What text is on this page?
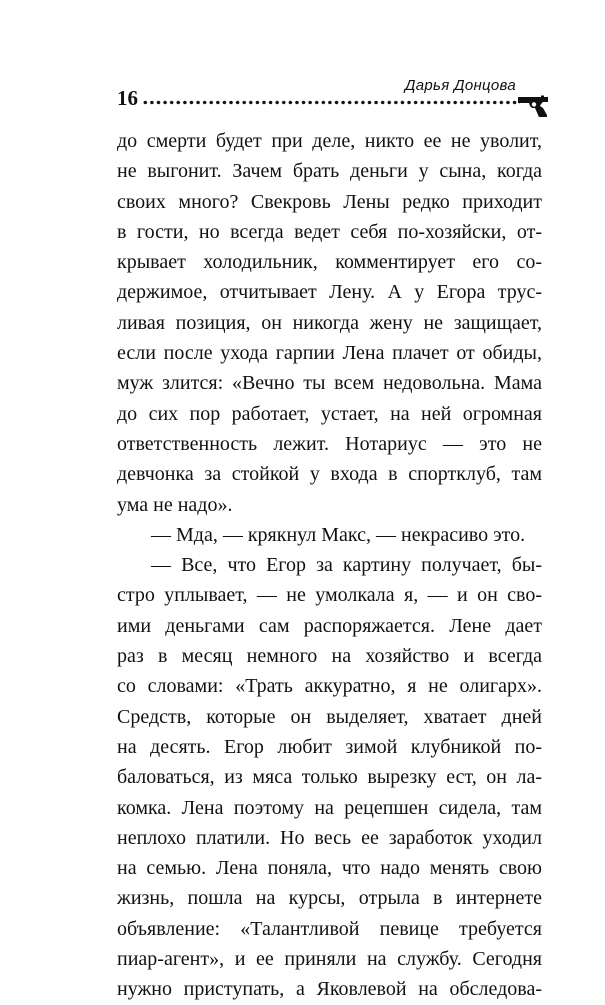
16
Дарья Донцова

до смерти будет при деле, никто ее не уволит,

не выгонит. Зачем брать деньги у сына, когда

своих много? Свекровь Лены редко приходит

в гости, но всегда ведет себя по-хозяйски, от-

крывает холодильник, комментирует его со-

держимое, отчитывает Лену. А у Егора трус-

ливая позиция, он никогда жену не защищает,

если после ухода гарпии Лена плачет от обиды,

муж злится: «Вечно ты всем недовольна. Мама

до сих пор работает, устает, на ней огромная

ответственность лежит. Нотариус — это не

девчонка за стойкой у входа в спортклуб, там

ума не надо».

— Мда, — крякнул Макс, — некрасиво это.

— Все, что Егор за картину получает, бы-

стро уплывает, — не умолкала я, — и он сво-

ими деньгами сам распоряжается. Лене дает

раз в месяц немного на хозяйство и всегда

со словами: «Трать аккуратно, я не олигарх».

Средств, которые он выделяет, хватает дней

на десять. Егор любит зимой клубникой по-

баловаться, из мяса только вырезку ест, он ла-

комка. Лена поэтому на рецепшен сидела, там

неплохо платили. Но весь ее заработок уходил

на семью. Лена поняла, что надо менять свою

жизнь, пошла на курсы, отрыла в интернете

объявление: «Талантливой певице требуется

пиар-агент», и ее приняли на службу. Сегодня

нужно приступать, а Яковлевой на обследова-
